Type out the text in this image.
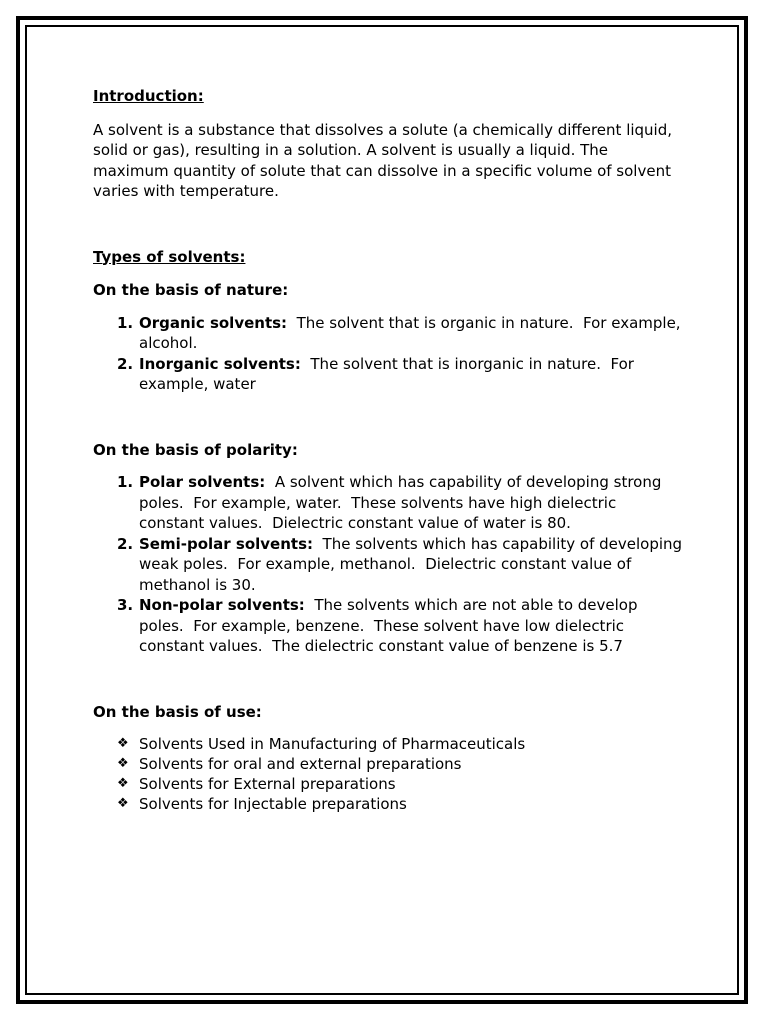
Introduction:

A solvent is a substance that dissolves a solute (a chemically different liquid, solid or gas), resulting in a solution. A solvent is usually a liquid. The maximum quantity of solute that can dissolve in a specific volume of solvent varies with temperature.

Types of solvents:

On the basis of nature:

1. Organic solvents:  The solvent that is organic in nature.  For example, alcohol.
2. Inorganic solvents:  The solvent that is inorganic in nature.  For example, water

On the basis of polarity:

1. Polar solvents:  A solvent which has capability of developing strong poles.  For example, water.  These solvents have high dielectric constant values.  Dielectric constant value of water is 80.
2. Semi-polar solvents:  The solvents which has capability of developing weak poles.  For example, methanol.  Dielectric constant value of methanol is 30.
3. Non-polar solvents:  The solvents which are not able to develop poles.  For example, benzene.  These solvent have low dielectric constant values.  The dielectric constant value of benzene is 5.7

On the basis of use:

❖ Solvents Used in Manufacturing of Pharmaceuticals
❖ Solvents for oral and external preparations
❖ Solvents for External preparations
❖ Solvents for Injectable preparations
